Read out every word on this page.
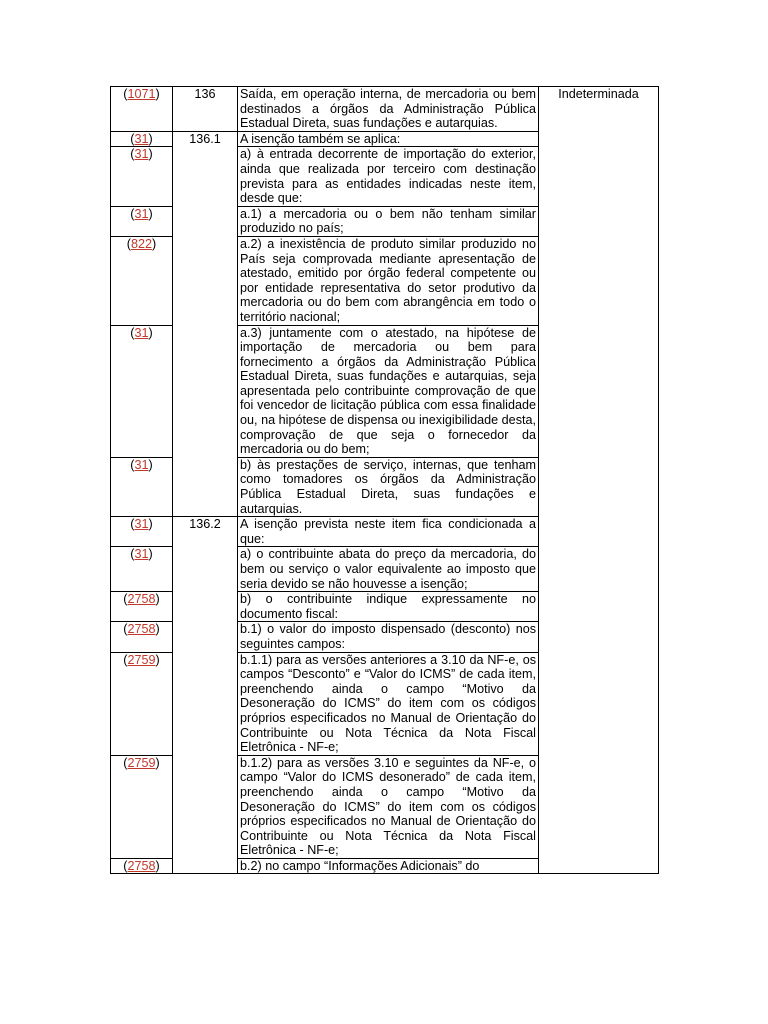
(1071)	136	Saída, em operação interna, de mercadoria ou bem destinados a órgãos da Administração Pública Estadual Direta, suas fundações e autarquias.	Indeterminada
(31)	136.1	A isenção também se aplica:	
(31)		a) à entrada decorrente de importação do exterior, ainda que realizada por terceiro com destinação prevista para as entidades indicadas neste item, desde que:	
(31)		a.1) a mercadoria ou o bem não tenham similar produzido no país;	
(822)		a.2) a inexistência de produto similar produzido no País seja comprovada mediante apresentação de atestado, emitido por órgão federal competente ou por entidade representativa do setor produtivo da mercadoria ou do bem com abrangência em todo o território nacional;	
(31)		a.3) juntamente com o atestado, na hipótese de importação de mercadoria ou bem para fornecimento a órgãos da Administração Pública Estadual Direta, suas fundações e autarquias, seja apresentada pelo contribuinte comprovação de que foi vencedor de licitação pública com essa finalidade ou, na hipótese de dispensa ou inexigibilidade desta, comprovação de que seja o fornecedor da mercadoria ou do bem;	
(31)		b) às prestações de serviço, internas, que tenham como tomadores os órgãos da Administração Pública Estadual Direta, suas fundações e autarquias.	
(31)	136.2	A isenção prevista neste item fica condicionada a que:	
(31)		a) o contribuinte abata do preço da mercadoria, do bem ou serviço o valor equivalente ao imposto que seria devido se não houvesse a isenção;	
(2758)		b) o contribuinte indique expressamente no documento fiscal:	
(2758)		b.1) o valor do imposto dispensado (desconto) nos seguintes campos:	
(2759)		b.1.1) para as versões anteriores a 3.10 da NF-e, os campos “Desconto” e “Valor do ICMS” de cada item, preenchendo ainda o campo “Motivo da Desoneração do ICMS” do item com os códigos próprios especificados no Manual de Orientação do Contribuinte ou Nota Técnica da Nota Fiscal Eletrônica - NF-e;	
(2759)		b.1.2) para as versões 3.10 e seguintes da NF-e, o campo “Valor do ICMS desonerado” de cada item, preenchendo ainda o campo “Motivo da Desoneração do ICMS” do item com os códigos próprios especificados no Manual de Orientação do Contribuinte ou Nota Técnica da Nota Fiscal Eletrônica - NF-e;	
(2758)		b.2) no campo “Informações Adicionais” do	
